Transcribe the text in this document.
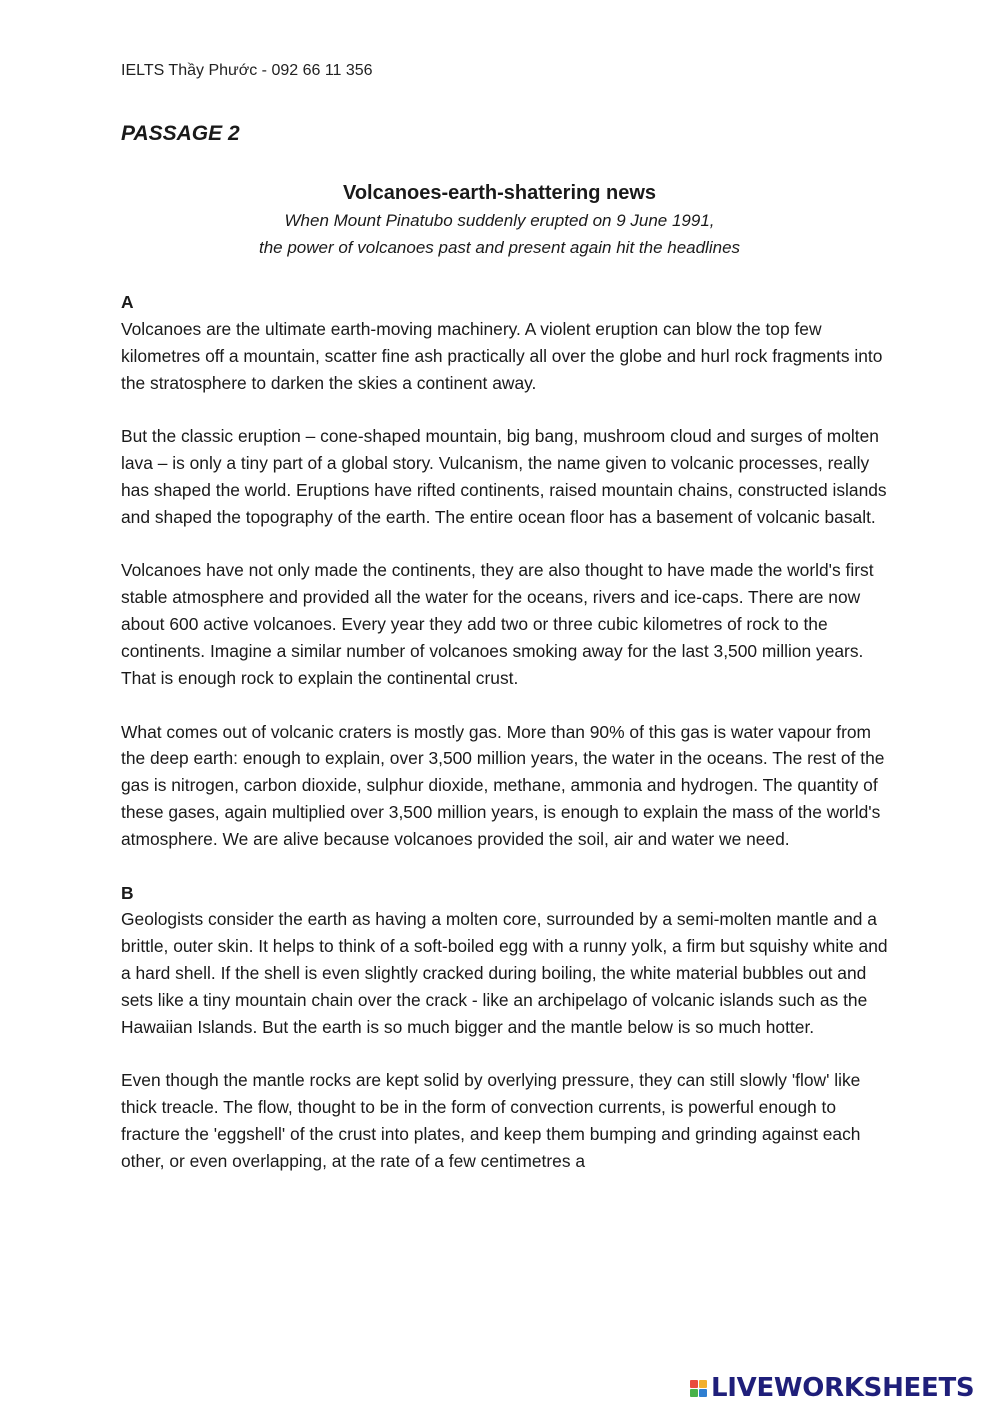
IELTS Thầy Phước - 092 66 11 356
PASSAGE 2

Volcanoes-earth-shattering news

When Mount Pinatubo suddenly erupted on 9 June 1991,

the power of volcanoes past and present again hit the headlines

A

Volcanoes are the ultimate earth-moving machinery. A violent eruption can blow the top few kilometres off a mountain, scatter fine ash practically all over the globe and hurl rock fragments into the stratosphere to darken the skies a continent away.

But the classic eruption – cone-shaped mountain, big bang, mushroom cloud and surges of molten lava – is only a tiny part of a global story. Vulcanism, the name given to volcanic processes, really has shaped the world. Eruptions have rifted continents, raised mountain chains, constructed islands and shaped the topography of the earth. The entire ocean floor has a basement of volcanic basalt.

Volcanoes have not only made the continents, they are also thought to have made the world's first stable atmosphere and provided all the water for the oceans, rivers and ice-caps. There are now about 600 active volcanoes. Every year they add two or three cubic kilometres of rock to the continents. Imagine a similar number of volcanoes smoking away for the last 3,500 million years. That is enough rock to explain the continental crust.

What comes out of volcanic craters is mostly gas. More than 90% of this gas is water vapour from the deep earth: enough to explain, over 3,500 million years, the water in the oceans. The rest of the gas is nitrogen, carbon dioxide, sulphur dioxide, methane, ammonia and hydrogen. The quantity of these gases, again multiplied over 3,500 million years, is enough to explain the mass of the world's atmosphere. We are alive because volcanoes provided the soil, air and water we need.

B

Geologists consider the earth as having a molten core, surrounded by a semi-molten mantle and a brittle, outer skin. It helps to think of a soft-boiled egg with a runny yolk, a firm but squishy white and a hard shell. If the shell is even slightly cracked during boiling, the white material bubbles out and sets like a tiny mountain chain over the crack - like an archipelago of volcanic islands such as the Hawaiian Islands. But the earth is so much bigger and the mantle below is so much hotter.

Even though the mantle rocks are kept solid by overlying pressure, they can still slowly 'flow' like thick treacle. The flow, thought to be in the form of convection currents, is powerful enough to fracture the 'eggshell' of the crust into plates, and keep them bumping and grinding against each other, or even overlapping, at the rate of a few centimetres a

LIVEWORKSHEETS
